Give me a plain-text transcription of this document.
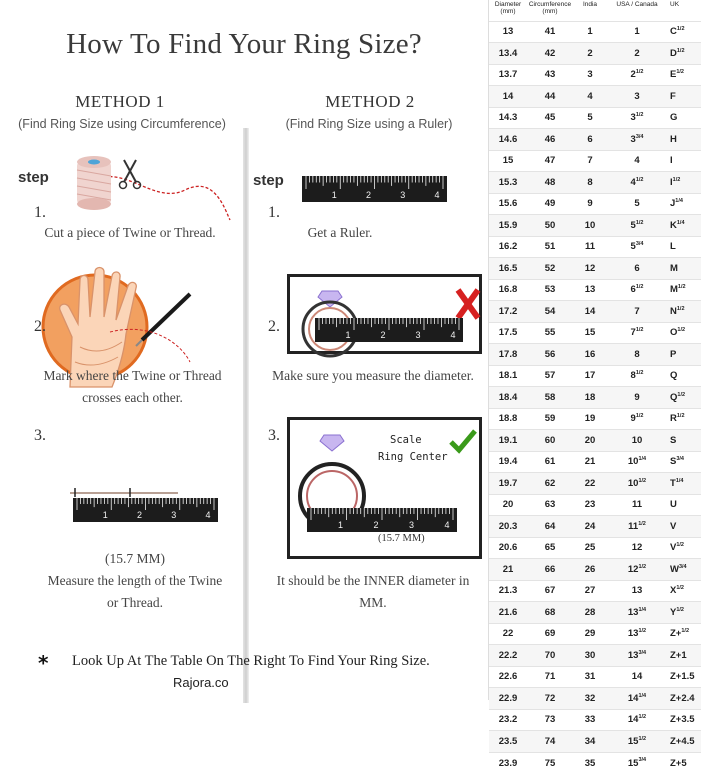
How To Find Your Ring Size?
METHOD 1
(Find Ring Size using Circumference)
METHOD 2
(Find Ring Size using a Ruler)
step
1.
Cut a piece of Twine or Thread.
2.
Mark where the Twine or Thread crosses each other.
3.
1	2	3	4
(15.7 MM)
Measure the length of the Twine or Thread.
step
1	2	3	4
1.
Get a Ruler.
2.	1	2	3	4
Make sure you measure the diameter.
3.	Scale
Ring Center
(15.7 MM)
1	2	3	4
It should be the INNER diameter in MM.
* Look Up At The Table On The Right To Find Your Ring Size.
Rajora.co
Diameter (mm)	Circumference (mm)	India	USA / Canada	UK
13	41	1	1	$C^{1/2}$
13.4	42	2	2	$D^{1/2}$
13.7	43	3	$2^{1/2}$	$E^{1/2}$
14	44	4	3	F
14.3	45	5	$3^{1/2}$	G
14.6	46	6	$3^{3/4}$	H
15	47	7	4	I
15.3	48	8	$4^{1/2}$	$I^{1/2}$
15.6	49	9	5	$J^{1/4}$
15.9	50	10	$5^{1/2}$	$K^{1/4}$
16.2	51	11	$5^{3/4}$	L
16.5	52	12	6	M
16.8	53	13	$6^{1/2}$	$M^{1/2}$
17.2	54	14	7	$N^{1/2}$
17.5	55	15	$7^{1/2}$	$O^{1/2}$
17.8	56	16	8	P
18.1	57	17	$8^{1/2}$	Q
18.4	58	18	9	$Q^{1/2}$
18.8	59	19	$9^{1/2}$	$R^{1/2}$
19.1	60	20	10	S
19.4	61	21	$10^{1/4}$	$S^{3/4}$
19.7	62	22	$10^{1/2}$	$T^{1/4}$
20	63	23	11	U
20.3	64	24	$11^{1/2}$	V
20.6	65	25	12	$V^{1/2}$
21	66	26	$12^{1/2}$	$W^{3/4}$
21.3	67	27	13	$X^{1/2}$
21.6	68	28	$13^{1/4}$	$Y^{1/2}$
22	69	29	$13^{1/2}$	Z+$^{1/2}$
22.2	70	30	$13^{3/4}$	Z+1
22.6	71	31	14	Z+1.5
22.9	72	32	$14^{1/4}$	Z+2.4
23.2	73	33	$14^{1/2}$	Z+3.5
23.5	74	34	$15^{1/2}$	Z+4.5
23.9	75	35	$15^{3/4}$	Z+5
